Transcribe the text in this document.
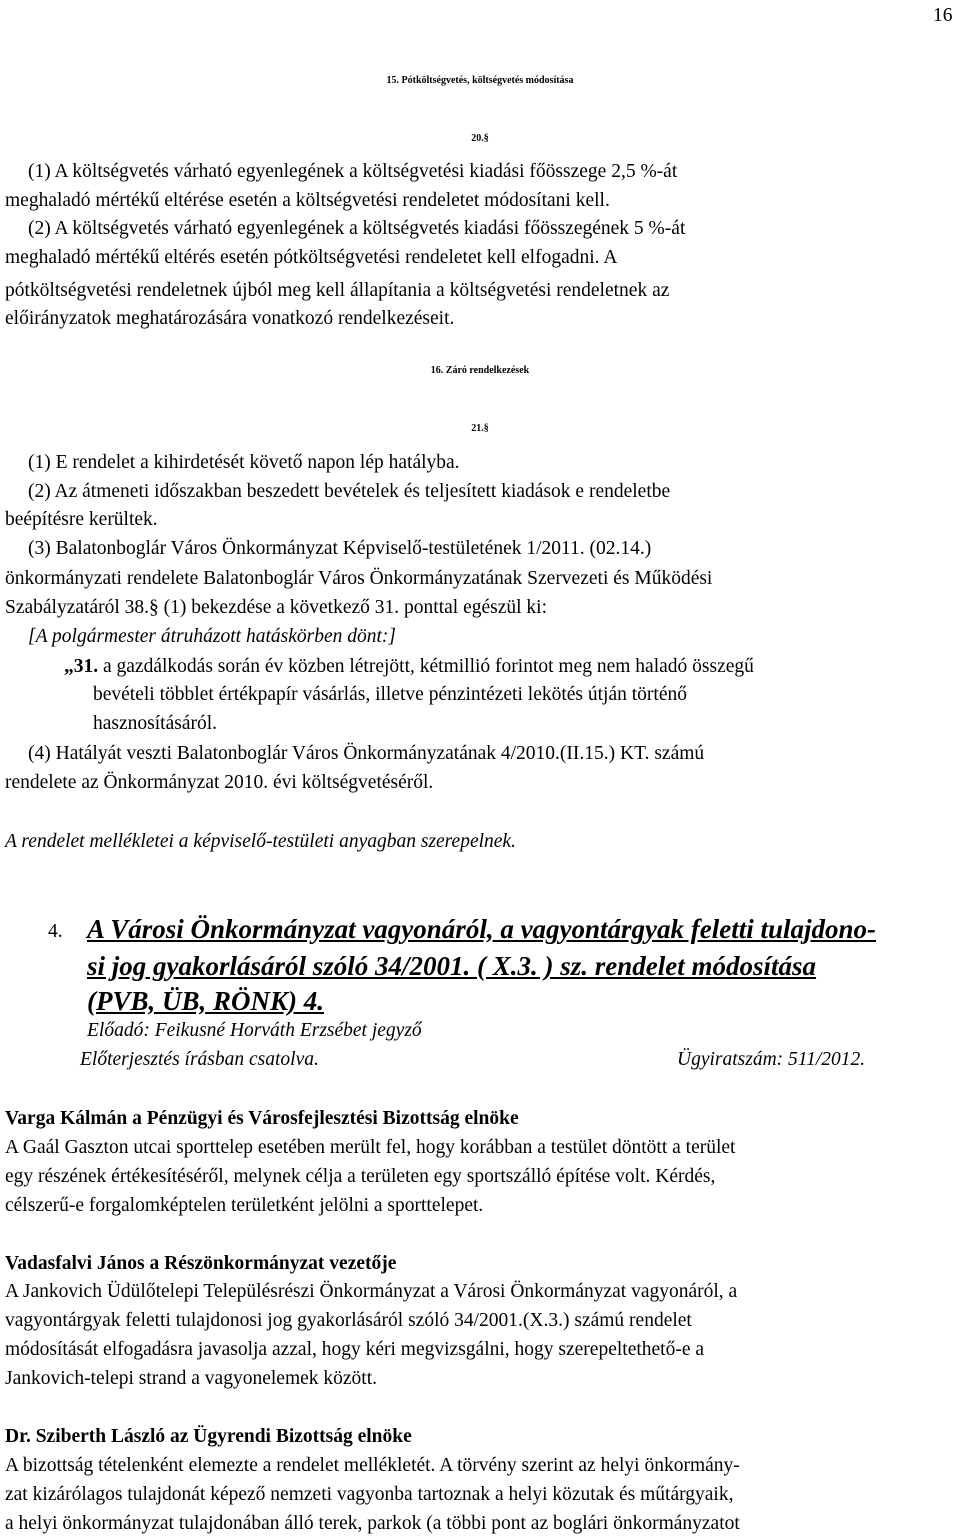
16
15. Pótköltségvetés, költségvetés módosítása
20.§
(1) A költségvetés várható egyenlegének a költségvetési kiadási főösszege 2,5 %-át
meghaladó mértékű eltérése esetén a költségvetési rendeletet módosítani kell.
(2) A költségvetés várható egyenlegének a költségvetés kiadási főösszegének 5 %-át
meghaladó mértékű eltérés esetén pótköltségvetési rendeletet kell elfogadni. A
pótköltségvetési rendeletnek újból meg kell állapítania a költségvetési rendeletnek az
előirányzatok meghatározására vonatkozó rendelkezéseit.
16. Záró rendelkezések
21.§
(1) E rendelet a kihirdetését követő napon lép hatályba.
(2) Az átmeneti időszakban beszedett bevételek és teljesített kiadások e rendeletbe
beépítésre kerültek.
(3) Balatonboglár Város Önkormányzat Képviselő-testületének 1/2011. (02.14.)
önkormányzati rendelete Balatonboglár Város Önkormányzatának Szervezeti és Működési
Szabályzatáról 38.§ (1) bekezdése a következő 31. ponttal egészül ki:
[A polgármester átruházott hatáskörben dönt:]
„31. a gazdálkodás során év közben létrejött, kétmillió forintot meg nem haladó összegű
bevételi többlet értékpapír vásárlás, illetve pénzintézeti lekötés útján történő
hasznosításáról.
(4) Hatályát veszti Balatonboglár Város Önkormányzatának 4/2010.(II.15.) KT. számú
rendelete az Önkormányzat 2010. évi költségvetéséről.
A rendelet mellékletei a képviselő-testületi anyagban szerepelnek.
4. A Városi Önkormányzat vagyonáról, a vagyontárgyak feletti tulajdono-
si jog gyakorlásáról szóló 34/2001. ( X.3. ) sz. rendelet módosítása
(PVB, ÜB, RÖNK) 4.
Előadó: Feikusné Horváth Erzsébet jegyző
Előterjesztés írásban csatolva.	Ügyiratszám: 511/2012.
Varga Kálmán a Pénzügyi és Városfejlesztési Bizottság elnöke
A Gaál Gaszton utcai sporttelep esetében merült fel, hogy korábban a testület döntött a terület
egy részének értékesítéséről, melynek célja a területen egy sportszálló építése volt. Kérdés,
célszerű-e forgalomképtelen területként jelölni a sporttelepet.
Vadasfalvi János a Részönkormányzat vezetője
A Jankovich Üdülőtelepi Településrészi Önkormányzat a Városi Önkormányzat vagyonáról, a
vagyontárgyak feletti tulajdonosi jog gyakorlásáról szóló 34/2001.(X.3.) számú rendelet
módosítását elfogadásra javasolja azzal, hogy kéri megvizsgálni, hogy szerepeltethető-e a
Jankovich-telepi strand a vagyonelemek között.
Dr. Sziberth László az Ügyrendi Bizottság elnöke
A bizottság tételenként elemezte a rendelet mellékletét. A törvény szerint az helyi önkormány-
zat kizárólagos tulajdonát képező nemzeti vagyonba tartoznak a helyi közutak és műtárgyaik,
a helyi önkormányzat tulajdonában álló terek, parkok (a többi pont az boglári önkormányzatot
